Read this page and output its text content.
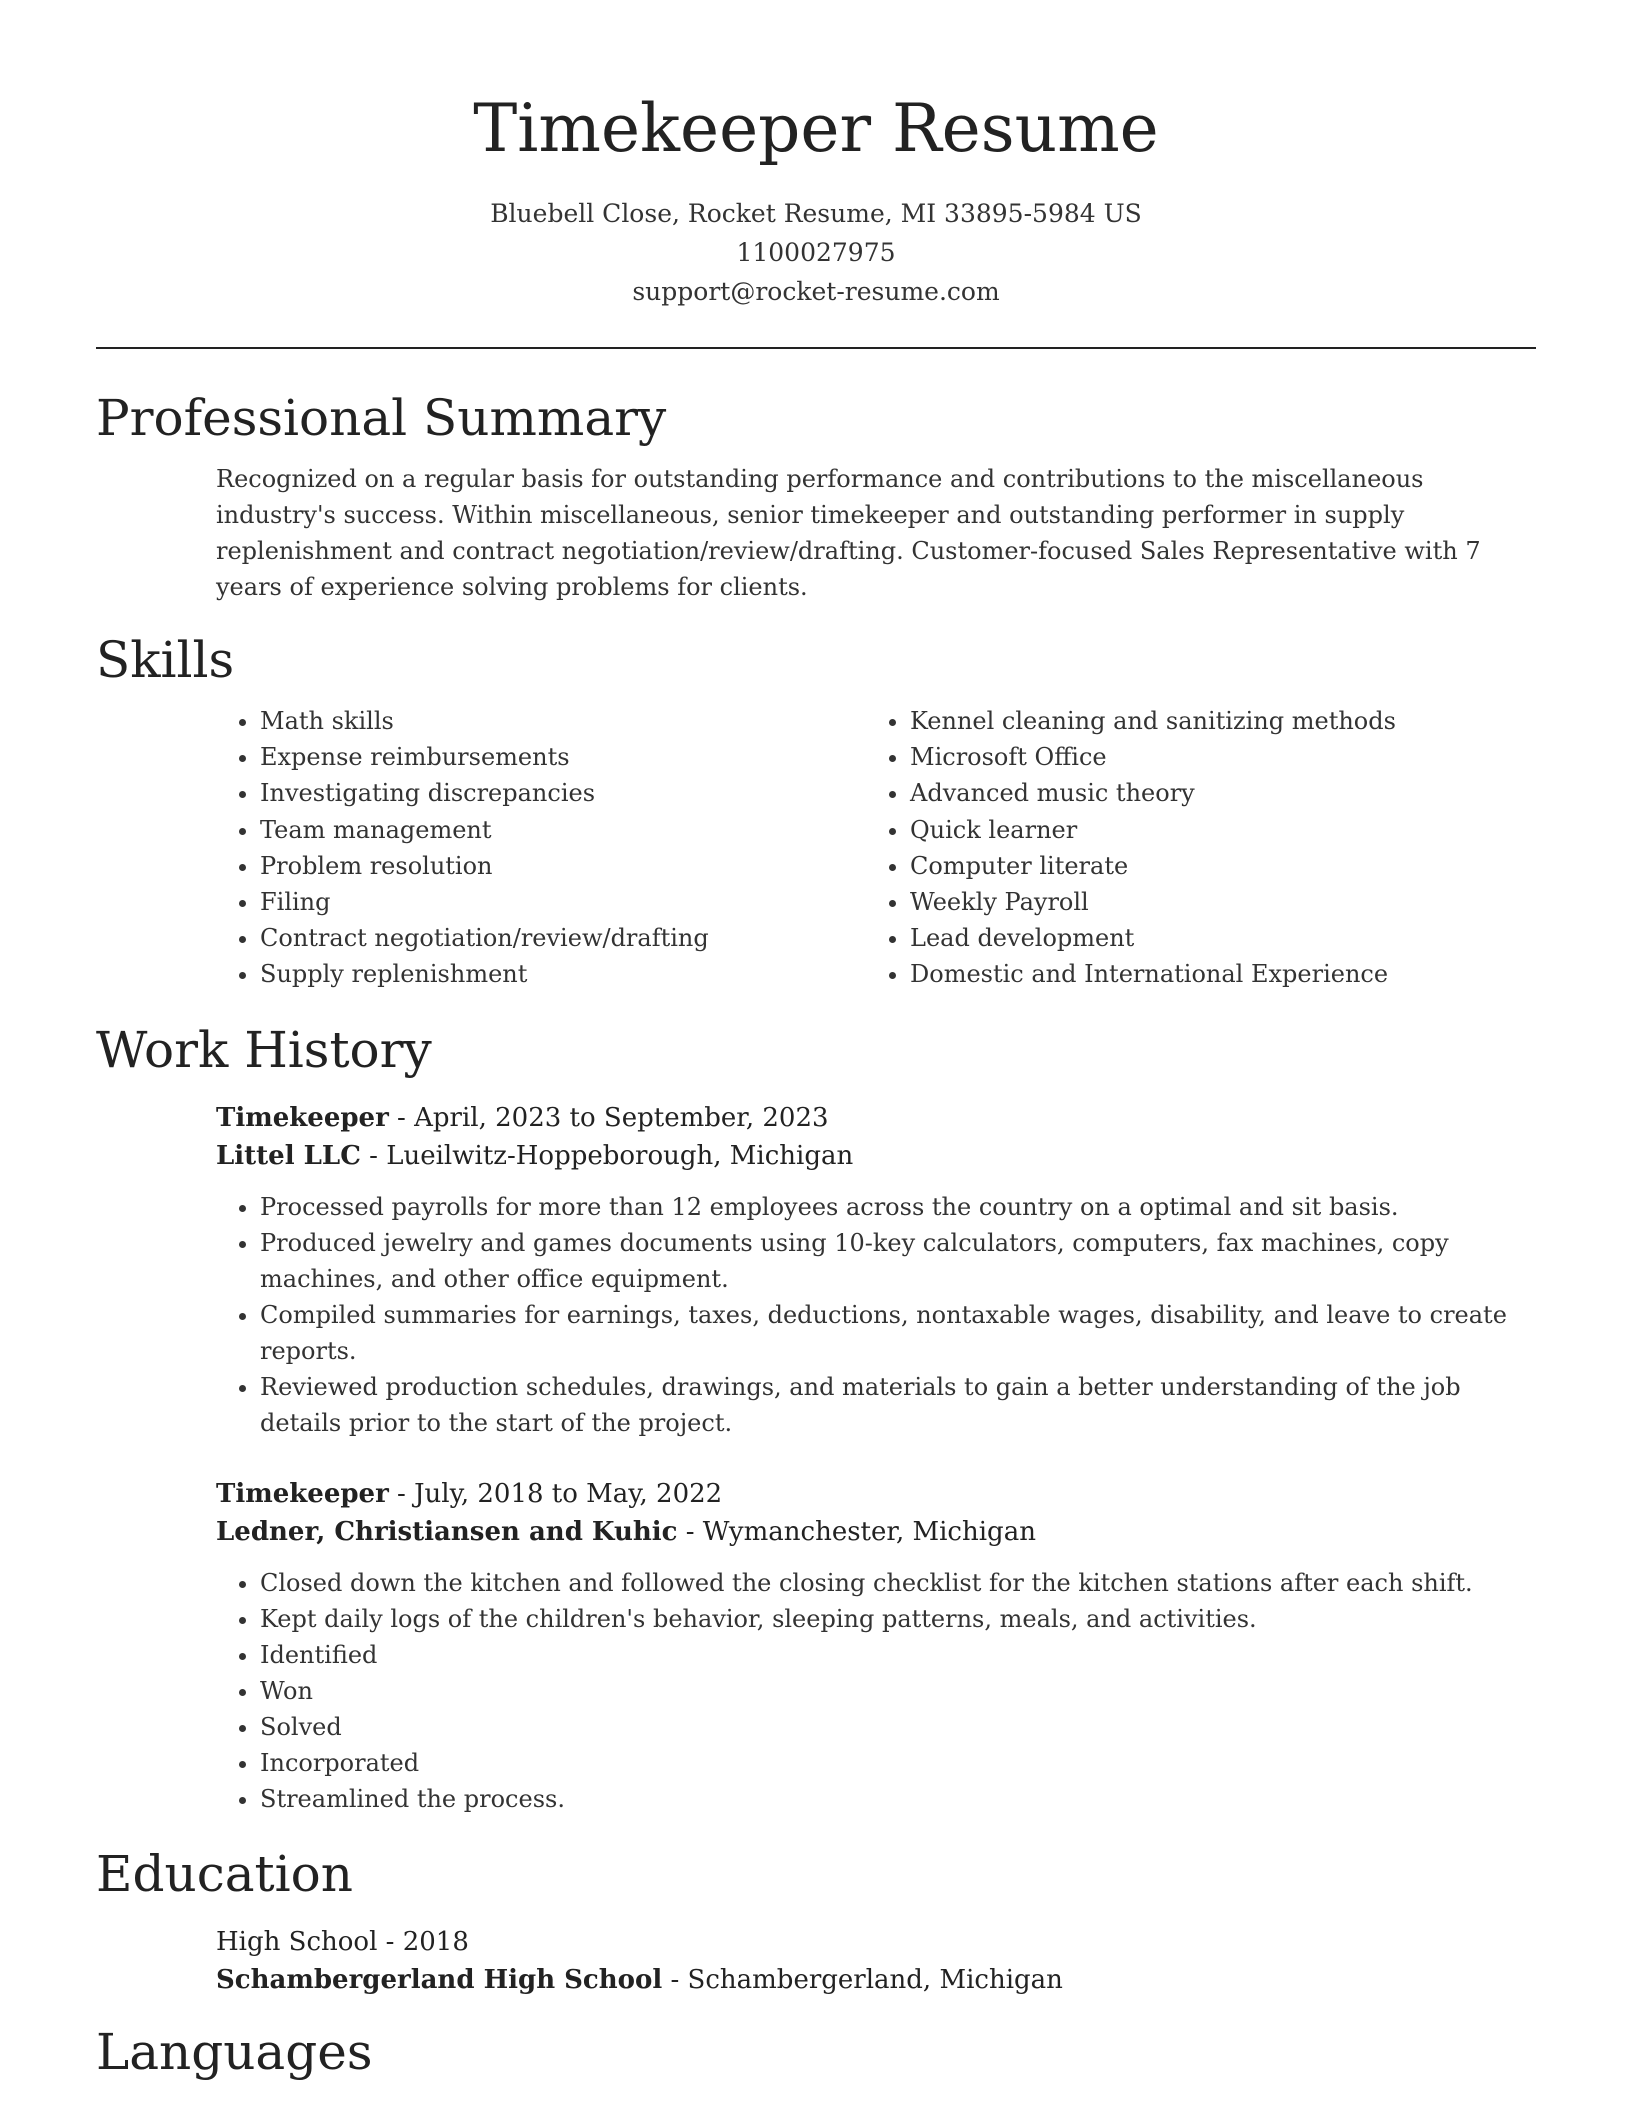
Timekeeper Resume
Bluebell Close, Rocket Resume, MI 33895-5984 US
1100027975
support@rocket-resume.com
Professional Summary

Recognized on a regular basis for outstanding performance and contributions to the miscellaneous industry's success. Within miscellaneous, senior timekeeper and outstanding performer in supply replenishment and contract negotiation/review/drafting. Customer-focused Sales Representative with 7 years of experience solving problems for clients.

Skills
• Math skills
• Expense reimbursements
• Investigating discrepancies
• Team management
• Problem resolution
• Filing
• Contract negotiation/review/drafting
• Supply replenishment
• Kennel cleaning and sanitizing methods
• Microsoft Office
• Advanced music theory
• Quick learner
• Computer literate
• Weekly Payroll
• Lead development
• Domestic and International Experience
Work History
Timekeeper - April, 2023 to September, 2023
Littel LLC - Lueilwitz-Hoppeborough, Michigan
• Processed payrolls for more than 12 employees across the country on a optimal and sit basis.
• Produced jewelry and games documents using 10-key calculators, computers, fax machines, copy machines, and other office equipment.
• Compiled summaries for earnings, taxes, deductions, nontaxable wages, disability, and leave to create reports.
• Reviewed production schedules, drawings, and materials to gain a better understanding of the job details prior to the start of the project.
Timekeeper - July, 2018 to May, 2022
Ledner, Christiansen and Kuhic - Wymanchester, Michigan
• Closed down the kitchen and followed the closing checklist for the kitchen stations after each shift.
• Kept daily logs of the children's behavior, sleeping patterns, meals, and activities.
• Identified
• Won
• Solved
• Incorporated
• Streamlined the process.
Education
High School - 2018
Schambergerland High School - Schambergerland, Michigan
Languages
